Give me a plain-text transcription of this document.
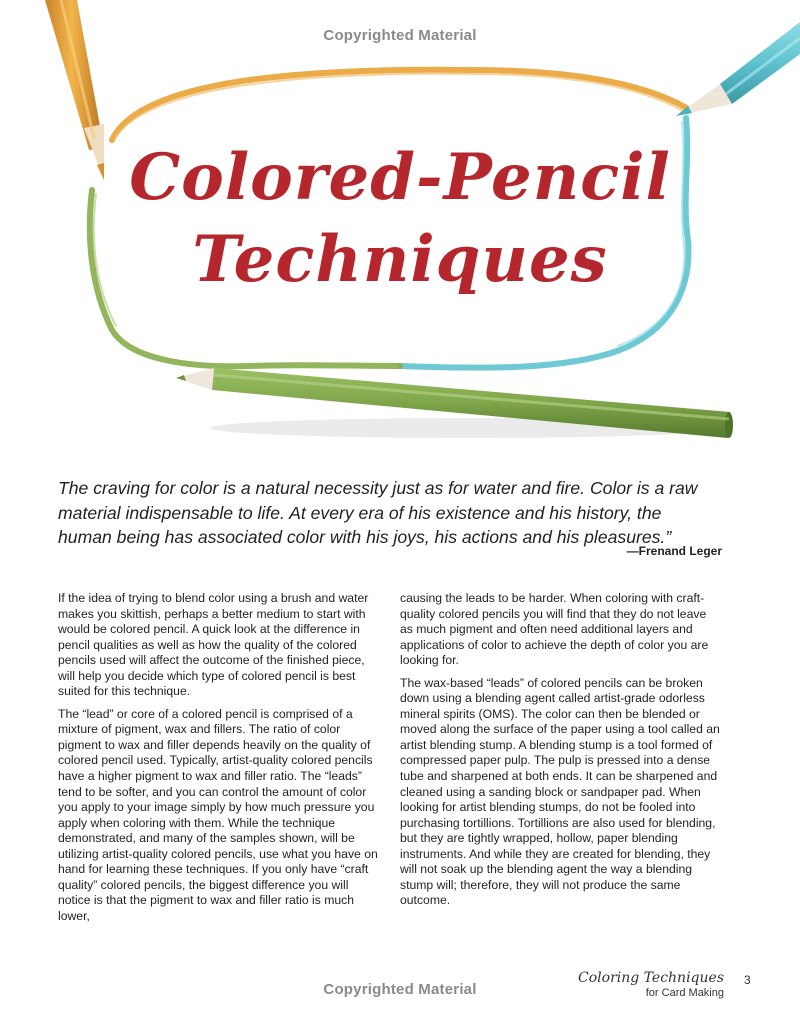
Copyrighted Material
Colored-Pencil
Techniques

The craving for color is a natural necessity just as for water and fire. Color is a raw material indispensable to life. At every era of his existence and his history, the human being has associated color with his joys, his actions and his pleasures.”

—Frenand Leger

If the idea of trying to blend color using a brush and water makes you skittish, perhaps a better medium to start with would be colored pencil. A quick look at the difference in pencil qualities as well as how the quality of the colored pencils used will affect the outcome of the finished piece, will help you decide which type of colored pencil is best suited for this technique.

The “lead” or core of a colored pencil is comprised of a mixture of pigment, wax and fillers. The ratio of color pigment to wax and filler depends heavily on the quality of colored pencil used. Typically, artist-quality colored pencils have a higher pigment to wax and filler ratio. The “leads” tend to be softer, and you can control the amount of color you apply to your image simply by how much pressure you apply when coloring with them. While the technique demonstrated, and many of the samples shown, will be utilizing artist-quality colored pencils, use what you have on hand for learning these techniques. If you only have “craft quality” colored pencils, the biggest difference you will notice is that the pigment to wax and filler ratio is much lower,

causing the leads to be harder. When coloring with craft-quality colored pencils you will find that they do not leave as much pigment and often need additional layers and applications of color to achieve the depth of color you are looking for.

The wax-based “leads” of colored pencils can be broken down using a blending agent called artist-grade odorless mineral spirits (OMS). The color can then be blended or moved along the surface of the paper using a tool called an artist blending stump. A blending stump is a tool formed of compressed paper pulp. The pulp is pressed into a dense tube and sharpened at both ends. It can be sharpened and cleaned using a sanding block or sandpaper pad. When looking for artist blending stumps, do not be fooled into purchasing tortillions. Tortillions are also used for blending, but they are tightly wrapped, hollow, paper blending instruments. And while they are created for blending, they will not soak up the blending agent the way a blending stump will; therefore, they will not produce the same outcome.

Coloring Techniques
for Card Making
3
Copyrighted Material
